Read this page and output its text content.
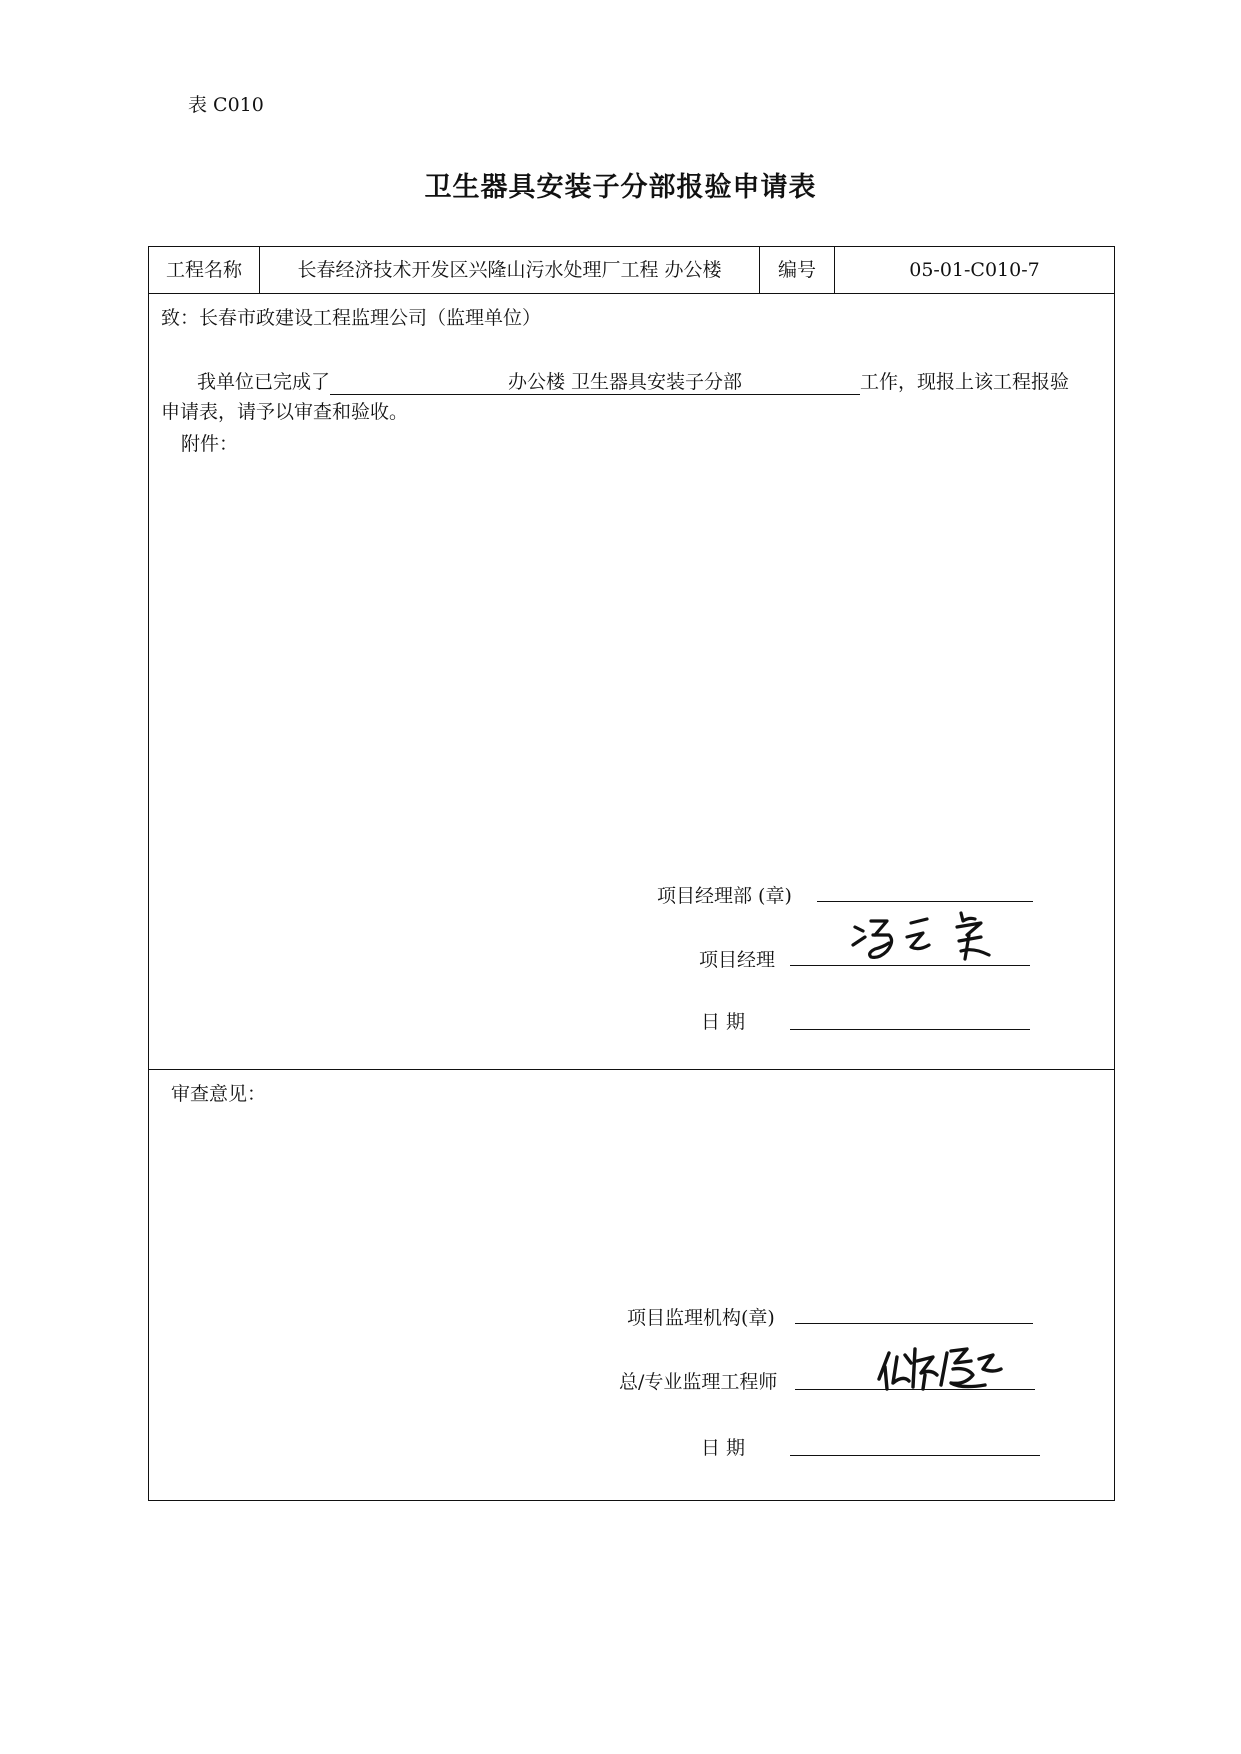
表 C010
卫生器具安装子分部报验申请表
工程名称	长春经济技术开发区兴隆山污水处理厂工程 办公楼	编号	05-01-C010-7
致：长春市政建设工程监理公司（监理单位）
我单位已完成了	办公楼 卫生器具安装子分部	工作，现报上该工程报验
申请表，请予以审查和验收。
附件：
项目经理部 (章)
项目经理
日 期
审查意见：
项目监理机构(章)
总/专业监理工程师
日 期
